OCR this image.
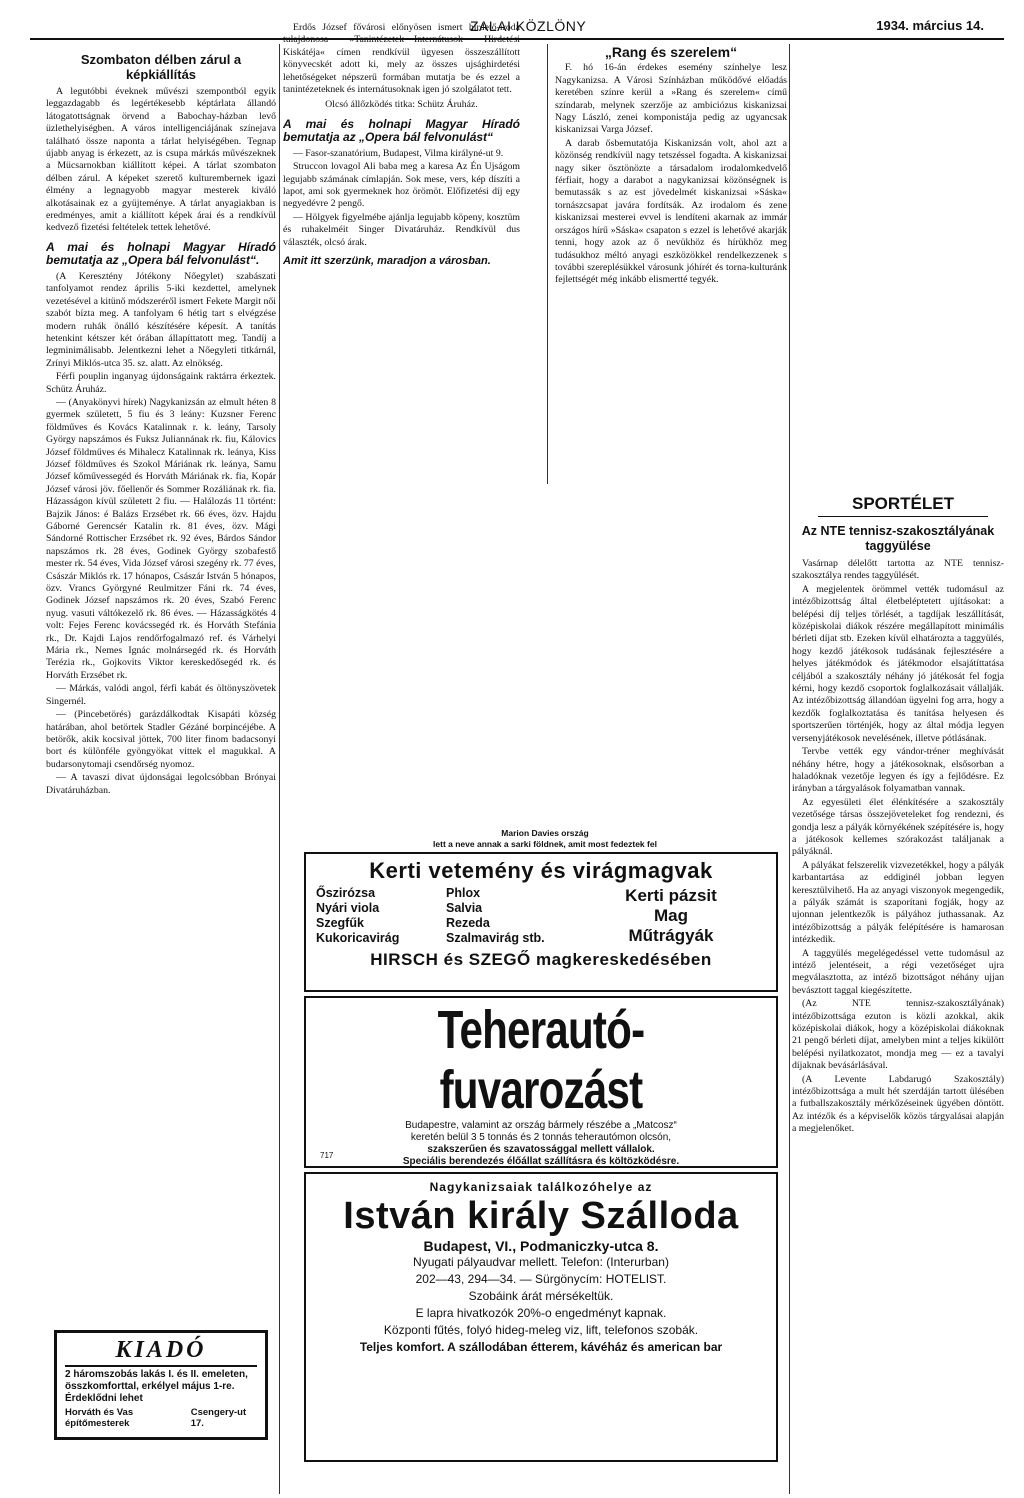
ZALAI KÖZLÖNY	1934. március 14.
Szombaton délben zárul a képkiállítás

A legutóbbi éveknek művészi szempontból egyik leggazdagabb és legértékesebb képtárlata állandó látogatottságnak örvend a Babochay-házban levő üzlethelyiségben. A város intelligenciájának színejava található össze naponta a tárlat helyiségében. Tegnap újabb anyag is érkezett, az is csupa márkás művészeknek a Mücsarnokban kiállított képei. A tárlat szombaton délben zárul. A képeket szerető kulturembernek igazi élmény a legnagyobb magyar mesterek kiváló alkotásainak ez a gyüjteménye. A tárlat anyagiakban is eredményes, amit a kiállított képek árai és a rendkívül kedvező fizetési feltételek tettek lehetővé.

A mai és holnapi Magyar Híradó bemutatja az „Opera bál felvonulást“.

(A Keresztény Jótékony Nőegylet) szabászati tanfolyamot rendez április 5-iki kezdettel, amelynek vezetésével a kitünő módszeréről ismert Fekete Margit női szabót bízta meg. A tanfolyam 6 hétig tart s elvégzése modern ruhák önálló készítésére képesít. A tanítás hetenkint kétszer két órában állapíttatott meg. Tandíj a legminimálisabb. Jelentkezni lehet a Nőegyleti titkárnál, Zrínyi Miklós-utca 35. sz. alatt. Az elnökség.

Férfi pouplin inganyag újdonságaink raktárra érkeztek. Schütz Áruház.

— (Anyakönyvi hírek) Nagykanizsán az elmult héten 8 gyermek született, 5 fiu és 3 leány: Kuzsner Ferenc földműves és Kovács Katalinnak r. k. leány, Tarsoly György napszámos és Fuksz Juliannának rk. fiu, Kálovics József földműves és Mihalecz Katalinnak rk. leánya, Kiss József földműves és Szokol Máriának rk. leánya, Samu József kőművessegéd és Horváth Máriának rk. fia, Kopár József városi jöv. főellenőr és Sommer Rozáliának rk. fia. Házasságon kívül született 2 fiu. — Halálozás 11 történt: Bajzik János: é Balázs Erzsébet rk. 66 éves, özv. Hajdu Gáborné Gerencsér Katalin rk. 81 éves, özv. Mági Sándorné Rottischer Erzsébet rk. 92 éves, Bárdos Sándor napszámos rk. 28 éves, Godinek György szobafestő mester rk. 54 éves, Vida József városi szegény rk. 77 éves, Császár Miklós rk. 17 hónapos, Császár István 5 hónapos, özv. Vrancs Györgyné Reulmitzer Fáni rk. 74 éves, Godinek József napszámos rk. 20 éves, Szabó Ferenc nyug. vasuti váltókezelő rk. 86 éves. — Házasságkötés 4 volt: Fejes Ferenc kovácssegéd rk. és Horváth Stefánia rk., Dr. Kajdi Lajos rendőrfogalmazó ref. és Várhelyi Mária rk., Nemes Ignác molnársegéd rk. és Horváth Terézia rk., Gojkovits Viktor kereskedősegéd rk. és Horváth Erzsébet rk.

— Márkás, valódi angol, férfi kabát és öltönyszövetek Singernél.

— (Pincebetörés) garázdálkodtak Kisapáti község határában, ahol betörtek Stadler Gézáné borpincéjébe. A betörők, akik kocsival jöttek, 700 liter finom badacsonyi bort és különféle gyöngyökat vittek el magukkal. A budarsonytomaji csendőrség nyomoz.

— A tavaszi divat újdonságai legolcsóbban Brónyai Divatáruházban.

KIADÓ
2 háromszobás lakás I. és II. emeleten, összkomforttal, erkélyel május 1-re. Érdeklődni lehet
Horváth és Vas építőmesterek
Csengery-ut 17.

Erdős József fővárosi előnyösen ismert hirdető-iroda tulajdonosa »Tanintézetek—Internátusok Hirdetési Kiskátéja« címen rendkívül ügyesen összeszállított könyvecskét adott ki, mely az összes ujsághirdetési lehetőségeket népszerű formában mutatja be és ezzel a tanintézeteknek és internátusoknak igen jó szolgálatot tett.

Olcsó állőzködés titka: Schütz Áruház.

A mai és holnapi Magyar Híradó bemutatja az „Opera bál felvonulást“

— Fasor-szanatórium, Budapest, Vilma királyné-ut 9.

Struccon lovagol Ali baba meg a karesa Az Én Ujságom legujabb számának címlapján. Sok mese, vers, kép díszíti a lapot, ami sok gyermeknek hoz örömöt. Előfizetési díj egy negyedévre 2 pengő.

— Hölgyek figyelmébe ajánlja legujabb köpeny, kosztüm és ruhakelméit Singer Divatáruház. Rendkívül dus választék, olcsó árak.

Amit itt szerzünk, maradjon a városban.
„Rang és szerelem“

F. hó 16-án érdekes esemény színhelye lesz Nagykanizsa. A Városi Színházban működővé előadás keretében színre kerül a »Rang és szerelem« című színdarab, melynek szerzője az ambiciózus kiskanizsai Nagy László, zenei komponistája pedig az ugyancsak kiskanizsai Varga József.

A darab ősbemutatója Kiskanizsán volt, ahol azt a közönség rendkívül nagy tetszéssel fogadta. A kiskanizsai nagy siker ösztönözte a társadalom irodalomkedvelő férfiait, hogy a darabot a nagykanizsai közönségnek is bemutassák s az est jövedelmét kiskanizsai »Sáska« tornászcsapat javára fordítsák. Az irodalom és zene kiskanizsai mesterei evvel is lendíteni akarnak az immár országos hírű »Sáska« csapaton s ezzel is lehetővé akarják tenni, hogy azok az ő nevükhöz és hírükhöz meg tudásukhoz méltó anyagi eszközökkel rendelkezzenek s további szereplésükkel városunk jóhírét és torna-kulturánk fejlettségét még inkább elismertté tegyék.

SPORTÉLET
Az NTE tennisz-szakosztályának taggyülése

Vasárnap délelőtt tartotta az NTE tennisz-szakosztálya rendes taggyülését.

A megjelentek örömmel vették tudomásul az intézőbizottság által életbeléptetett ujításokat: a belépési díj teljes törlését, a tagdíjak leszállítását, középiskolai diákok részére megállapított minimális bérleti díjat stb. Ezeken kívül elhatározta a taggyülés, hogy kezdő játékosok tudásának fejlesztésére a helyes játékmódok és játékmodor elsajátíttatása céljából a szakosztály néhány jó játékosát fel fogja kérni, hogy kezdő csoportok foglalkozásait vállalják. Az intézőbizottság állandóan ügyelni fog arra, hogy a kezdők foglalkoztatása és tanítása helyesen és sportszerűen történjék, hogy az által módja legyen versenyjátékosok nevelésének, illetve pótlásának.

Tervbe vették egy vándor-tréner meghívását néhány hétre, hogy a játékosoknak, elsősorban a haladóknak vezetője legyen és így a fejlődésre. Ez irányban a tárgyalások folyamatban vannak.

Az egyesületi élet élénkítésére a szakosztály vezetősége társas összejöveteleket fog rendezni, és gondja lesz a pályák környékének szépítésére is, hogy a játékosok kellemes szórakozást találjanak a pályáknál.

A pályákat felszerelik vizvezetékkel, hogy a pályák karbantartása az eddiginél jobban legyen keresztülvihető. Ha az anyagi viszonyok megengedik, a pályák számát is szaporítani fogják, hogy az ujonnan jelentkezők is pályához juthassanak. Az intézőbizottság a pályák felépítésére is hamarosan intézkedik.

A taggyülés megelégedéssel vette tudomásul az intéző jelentéseit, a régi vezetőséget ujra megválasztotta, az intéző bizottságot néhány ujjan bevásztott taggal kiegészítette.

(Az NTE tennisz-szakosztályának) intézőbizottsága ezuton is közli azokkal, akik középiskolai diákok, hogy a középiskolai diákoknak 21 pengő bérleti díjat, amelyben mint a teljes kikülött belépési nyilatkozatot, mondja meg — ez a tavalyi díjaknak bevásárlásával.

(A Levente Labdarugó Szakosztály) intézőbizottsága a mult hét szerdáján tartott ülésében a futballszakosztály mérkőzéseinek ügyében döntött. Az intézők és a képviselők közös tárgyalásai alapján a megjelenőket.

Marion Davies ország
lett a neve annak a sarki földnek, amit most fedeztek fel
Kerti vetemény és virágmagvak
Őszirózsa
Nyári viola
Szegfűk
Kukoricavirág
Phlox
Salvia
Rezeda
Szalmavirág stb.
Kerti pázsit
Mag
Műtrágyák
HIRSCH és SZEGŐ magkereskedésében
Teherautó-fuvarozást
Budapestre, valamint az ország bármely részébe a „Matcosz“
keretén belül 3 5 tonnás és 2 tonnás teherautómon olcsón,
szakszerűen és szavatossággal mellett vállalok.
Speciális berendezés élőállat szállításra és költözködésre.
717
Nagykanizsaiak találkozóhelye az
István király Szálloda
Budapest, VI., Podmaniczky-utca 8.
Nyugati pályaudvar mellett. Telefon: (Interurban)
202—43, 294—34. — Sürgönycím: HOTELIST.
Szobáink árát mérsékeltük.
E lapra hivatkozók 20%-o engedményt kapnak.
Központi fűtés, folyó hideg-meleg viz, lift, telefonos szobák.
Teljes komfort. A szállodában étterem, kávéház és american bar
